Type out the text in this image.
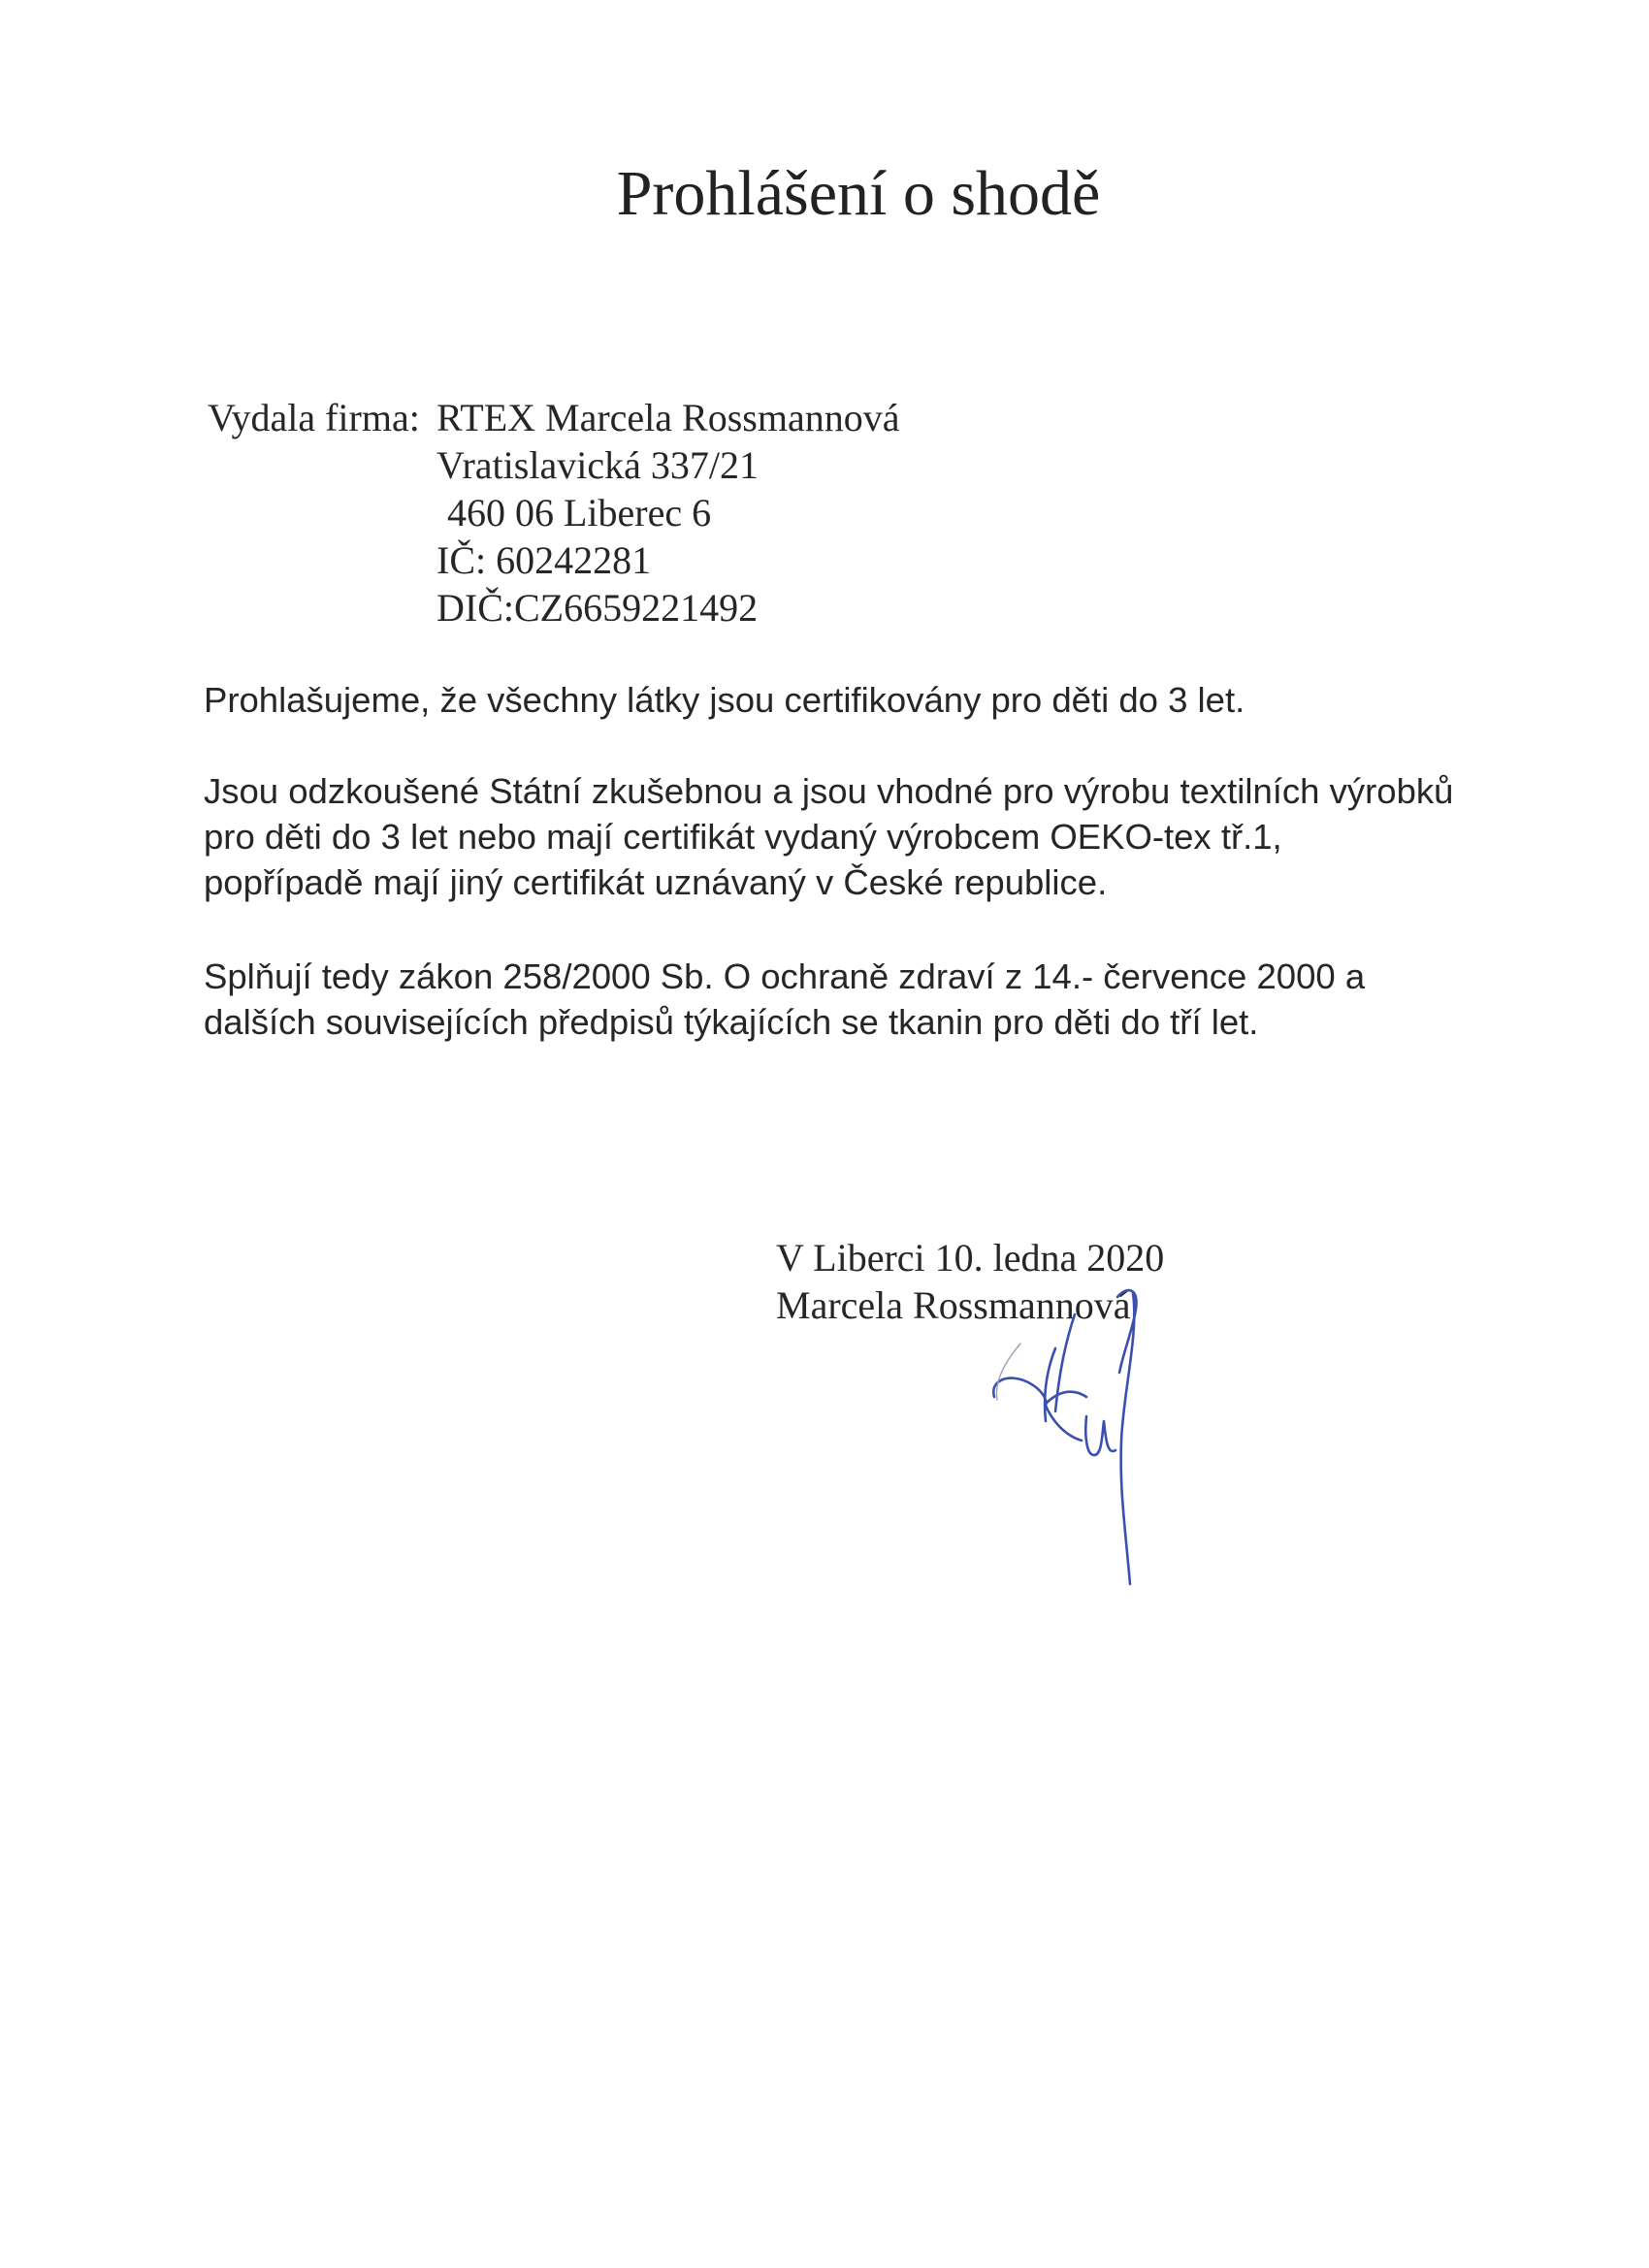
Prohlášení o shodě
Vydala firma: RTEX Marcela Rossmannová
Vratislavická 337/21
460 06 Liberec 6
IČ: 60242281
DIČ:CZ6659221492
Prohlašujeme, že všechny látky jsou certifikovány pro děti do 3 let.
Jsou odzkoušené Státní zkušebnou a jsou vhodné pro výrobu textilních výrobků
pro děti do 3 let nebo mají certifikát vydaný výrobcem OEKO-tex tř.1,
popřípadě mají jiný certifikát uznávaný v České republice.
Splňují tedy zákon 258/2000 Sb. O ochraně zdraví z 14.- července 2000 a
dalších souvisejících předpisů týkajících se tkanin pro děti do tří let.
V Liberci 10. ledna 2020
Marcela Rossmannová
